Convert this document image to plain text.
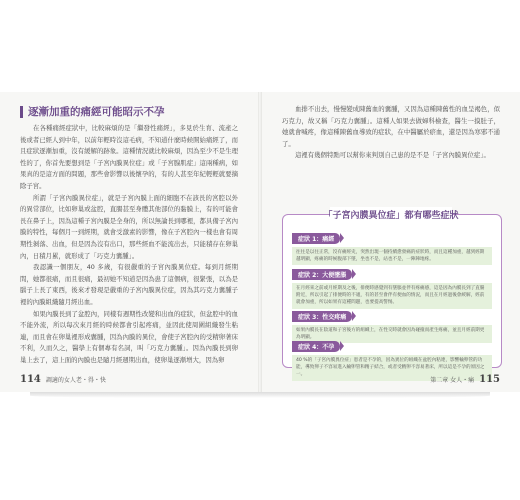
逐漸加重的痛經可能昭示不孕

在各種痛經症狀中，比較麻煩的是「繼發性痛經」，多見於生育、流產之後或者已經人到中年，以前年輕時沒這毛病，不知道什麼時候開始痛經了，而且症狀逐漸加重，沒有緩解的跡象。這種情況就比較麻煩，因為至少不是生理性的了，你首先要想到是「子宮內膜異位症」或「子宮腺肌症」這兩種病，如果真的是這方面的問題，那些會影響以後懷孕的，有的人甚至年紀輕輕就要摘除子宮。

所謂「子宮內膜異位症」，就是子宮內膜上面的細胞不在該長的宮腔以外的異常部位，比如卵巢或盆腔，直腸甚至身體其他部位的黏膜上，有的可能會長在鼻子上，因為這種子宮內膜是全身的，所以無論長到哪裡，都具備子宮內膜的特性，每個月一到經期，就會受激素的影響，像在子宮腔內一樣也會有周期性剝落、出血，但是因為沒有出口，那些經血不能流出去，只能積存在卵巢內，日積月累，就形成了「巧克力囊腫」。

我認識一個朋友，40 多歲，有很嚴重的子宮內膜異位症。每到月經期間，她都很痛，而且很痛，最初她不知道是因為患了這個病，很緊張，以為是腦子上長了東西，後來才發現是嚴重的子宮內膜異位症，因為其巧克力囊腫子裡的內膜組織隨月經出血。

如果內膜長到了盆腔內，同樣有週期性改變和出血的症狀，但盆腔中的血不能外流，所以每次來月經的時候都會引起疼痛，並因此使周圍組織發生粘連，而且會在卵巢裡形成囊腫，因為內膜的異位，會使子宮腔內的受精卵著床不利，久而久之，醫學上有個專有名詞，叫「巧克力囊腫」。因為內膜長到卵巢上去了，這上面的內膜也是隨月經週期出血，使卵巢逐漸增大，因為卵

114 調適的女人老・得・快

血排不出去，慢慢變成陳舊血的囊腫，又因為這種陳舊性的血呈褐色，似巧克力，故又稱「巧克力囊腫」。這種人如果去做婦科檢查，醫生一摸肚子，她就會喊疼，像這種陳舊血導致的症狀，在中醫屬於瘀血，還是因為寒邪不通了。

這裡有幾個特點可以幫你來判別自己患的是不是「子宮內膜異位症」。

「子宮內膜異位症」都有哪些症狀
症狀 1：痛經
往往是以往正常，沒有痛經史，突然出現一個持續愈發痛的症狀時，而且這種加重，越到經期越明顯，疼痛的時候腹部下墜，坐也不是，站也不是，一陣陣地疼。
症狀 2：大便墜脹
在月經來之前或月經期及之後，排便時感覺到有墜脹並伴有疼痛感，這是因為內膜長到了直腸附近，所以引起了排便時的不適，有的甚至會伴有便血的情況，而且在月經過後會緩解，經前就會加重，所以如果有這種問題，也要提高警惕。
症狀 3：性交疼痛
如果內膜長在陰道和子宮後方的組織上，在性交時就會因為碰撞而產生疼痛，並且月經前期更為明顯。
症狀 4：不孕
40 %的「子宮內膜異位症」患者是不孕的，因為異位的組織在盆腔內粘連，影響輸卵管的功能，導致卵子不容易進入輸卵管和精子結合，或者受精卵不容易著床，所以這是不孕的原因之一。
第二章 女人・痛 115
